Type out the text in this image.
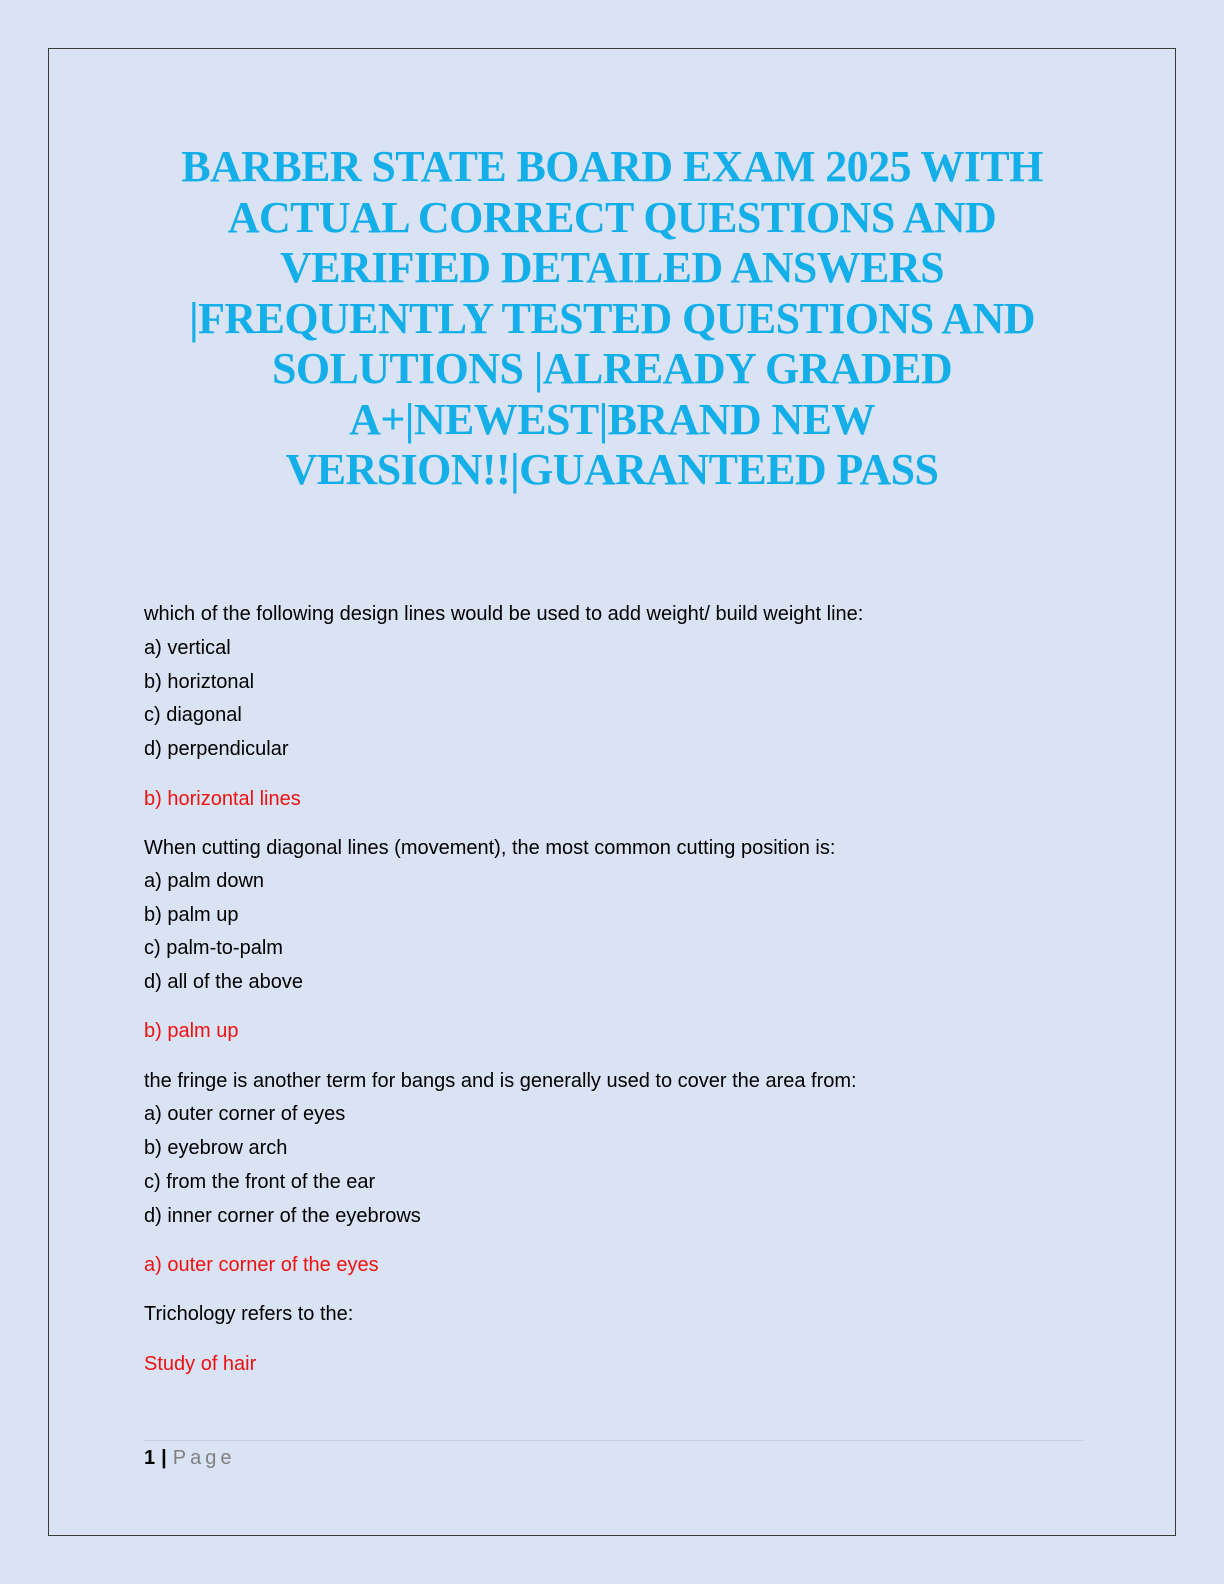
BARBER STATE BOARD EXAM 2025 WITH
ACTUAL CORRECT QUESTIONS AND
VERIFIED DETAILED ANSWERS
|FREQUENTLY TESTED QUESTIONS AND
SOLUTIONS |ALREADY GRADED
A+|NEWEST|BRAND NEW
VERSION!!|GUARANTEED PASS
which of the following design lines would be used to add weight/ build weight line:
a) vertical
b) horiztonal
c) diagonal
d) perpendicular
b) horizontal lines
When cutting diagonal lines (movement), the most common cutting position is:
a) palm down
b) palm up
c) palm-to-palm
d) all of the above
b) palm up
the fringe is another term for bangs and is generally used to cover the area from:
a) outer corner of eyes
b) eyebrow arch
c) from the front of the ear
d) inner corner of the eyebrows
a) outer corner of the eyes
Trichology refers to the:
Study of hair
1 | Page
